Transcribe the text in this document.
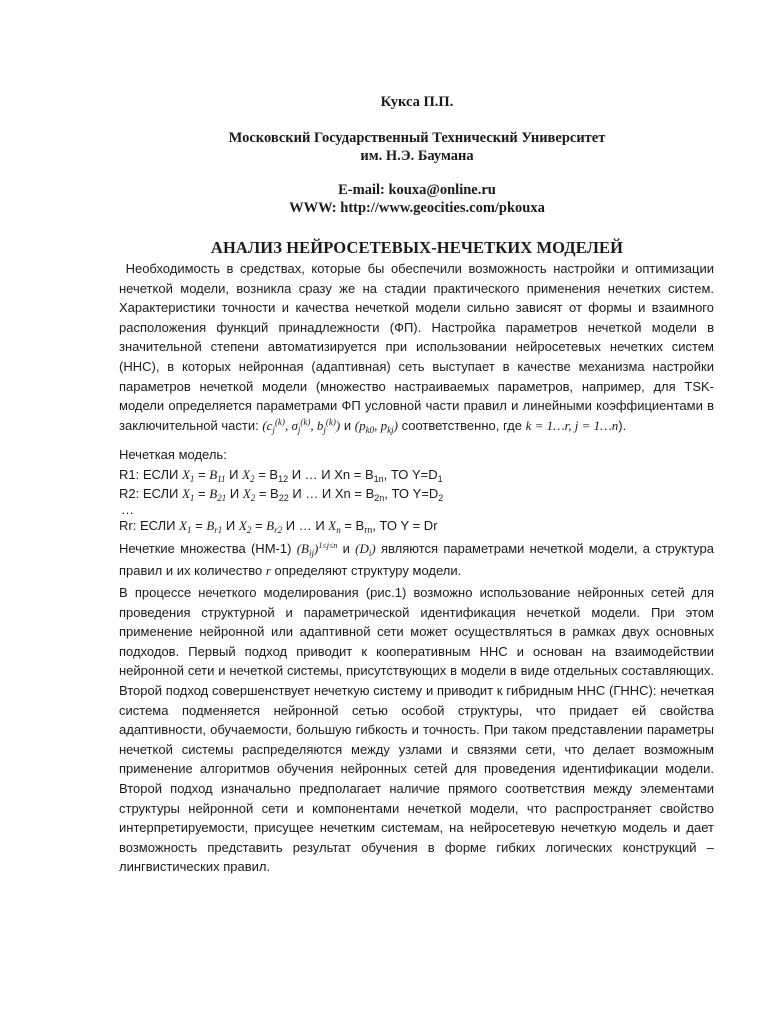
Кукса П.П.
Московский Государственный Технический Университет
им. Н.Э. Баумана
E-mail: kouxa@online.ru
WWW: http://www.geocities.com/pkouxa
АНАЛИЗ НЕЙРОСЕТЕВЫХ-НЕЧЕТКИХ МОДЕЛЕЙ
Необходимость в средствах, которые бы обеспечили возможность настройки и оптимизации нечеткой модели, возникла сразу же на стадии практического применения нечетких систем. Характеристики точности и качества нечеткой модели сильно зависят от формы и взаимного расположения функций принадлежности (ФП). Настройка параметров нечеткой модели в значительной степени автоматизируется при использовании нейросетевых нечетких систем (ННС), в которых нейронная (адаптивная) сеть выступает в качестве механизма настройки параметров нечеткой модели (множество настраиваемых параметров, например, для TSK-модели определяется параметрами ФП условной части правил и линейными коэффициентами в заключительной части: ($c_j^{(k)}$, $\sigma_j^{(k)}$, $b_j^{(k)}$) и ($p_{k0}$, $p_{kj}$) соответственно, где k = 1…r, j = 1…n).
Нечеткая модель:
R1: ЕСЛИ $X_1 = B_{11}$ И $X_2 = B_{12}$ И … И $Xn = B_{1n}$, ТО $Y=D_1$
R2: ЕСЛИ $X_1 = B_{21}$ И $X_2 = B_{22}$ И … И $Xn = B_{2n}$, ТО $Y=D_2$
…
Rr: ЕСЛИ $X_1 = B_{r1}$ И $X_2 = B_{r2}$ И … И $X_n = B_{rn}$, ТО Y = Dr
Нечеткие множества (НМ-1) $(B_{ij})^{1\le j\le n}$ и $(D_i)$ являются параметрами нечеткой модели, а структура правил и их количество r определяют структуру модели.
В процессе нечеткого моделирования (рис.1) возможно использование нейронных сетей для проведения структурной и параметрической идентификация нечеткой модели. При этом применение нейронной или адаптивной сети может осуществляться в рамках двух основных подходов. Первый подход приводит к кооперативным ННС и основан на взаимодействии нейронной сети и нечеткой системы, присутствующих в модели в виде отдельных составляющих. Второй подход совершенствует нечеткую систему и приводит к гибридным ННС (ГННС): нечеткая система подменяется нейронной сетью особой структуры, что придает ей свойства адаптивности, обучаемости, большую гибкость и точность. При таком представлении параметры нечеткой системы распределяются между узлами и связями сети, что делает возможным применение алгоритмов обучения нейронных сетей для проведения идентификации модели. Второй подход изначально предполагает наличие прямого соответствия между элементами структуры нейронной сети и компонентами нечеткой модели, что распространяет свойство интерпретируемости, присущее нечетким системам, на нейросетевую нечеткую модель и дает возможность представить результат обучения в форме гибких логических конструкций – лингвистических правил.
